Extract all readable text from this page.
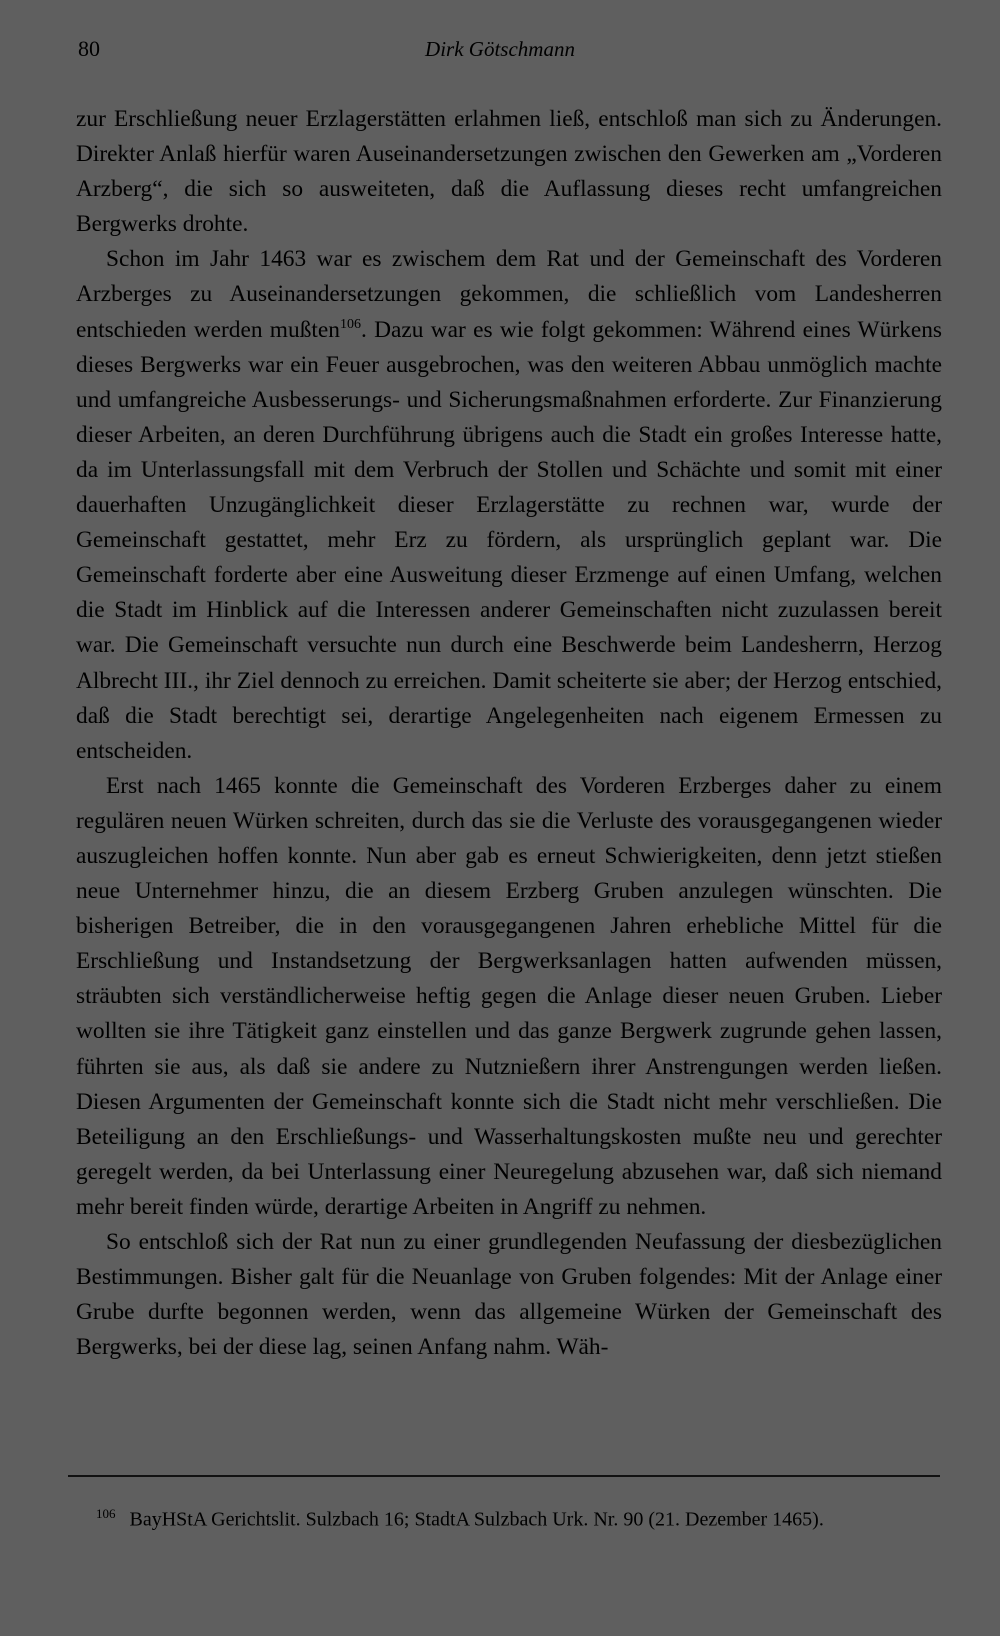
80	Dirk Götschmann

zur Erschließung neuer Erzlagerstätten erlahmen ließ, entschloß man sich zu Änderungen. Direkter Anlaß hierfür waren Auseinandersetzungen zwischen den Gewerken am „Vorderen Arzberg“, die sich so ausweiteten, daß die Auflassung dieses recht umfangreichen Bergwerks drohte.

Schon im Jahr 1463 war es zwischem dem Rat und der Gemeinschaft des Vorderen Arzberges zu Auseinandersetzungen gekommen, die schließlich vom Landesherren entschieden werden mußten$^{106}$. Dazu war es wie folgt gekommen: Während eines Würkens dieses Bergwerks war ein Feuer ausgebrochen, was den weiteren Abbau unmöglich machte und umfangreiche Ausbesserungs- und Sicherungsmaßnahmen erforderte. Zur Finanzierung dieser Arbeiten, an deren Durchführung übrigens auch die Stadt ein großes Interesse hatte, da im Unterlassungsfall mit dem Verbruch der Stollen und Schächte und somit mit einer dauerhaften Unzugänglichkeit dieser Erzlagerstätte zu rechnen war, wurde der Gemeinschaft gestattet, mehr Erz zu fördern, als ursprünglich geplant war. Die Gemeinschaft forderte aber eine Ausweitung dieser Erzmenge auf einen Umfang, welchen die Stadt im Hinblick auf die Interessen anderer Gemeinschaften nicht zuzulassen bereit war. Die Gemeinschaft versuchte nun durch eine Beschwerde beim Landesherrn, Herzog Albrecht III., ihr Ziel dennoch zu erreichen. Damit scheiterte sie aber; der Herzog entschied, daß die Stadt berechtigt sei, derartige Angelegenheiten nach eigenem Ermessen zu entscheiden.

Erst nach 1465 konnte die Gemeinschaft des Vorderen Erzberges daher zu einem regulären neuen Würken schreiten, durch das sie die Verluste des vorausgegangenen wieder auszugleichen hoffen konnte. Nun aber gab es erneut Schwierigkeiten, denn jetzt stießen neue Unternehmer hinzu, die an diesem Erzberg Gruben anzulegen wünschten. Die bisherigen Betreiber, die in den vorausgegangenen Jahren erhebliche Mittel für die Erschließung und Instandsetzung der Bergwerksanlagen hatten aufwenden müssen, sträubten sich verständlicherweise heftig gegen die Anlage dieser neuen Gruben. Lieber wollten sie ihre Tätigkeit ganz einstellen und das ganze Bergwerk zugrunde gehen lassen, führten sie aus, als daß sie andere zu Nutznießern ihrer Anstrengungen werden ließen. Diesen Argumenten der Gemeinschaft konnte sich die Stadt nicht mehr verschließen. Die Beteiligung an den Erschließungs- und Wasserhaltungskosten mußte neu und gerechter geregelt werden, da bei Unterlassung einer Neuregelung abzusehen war, daß sich niemand mehr bereit finden würde, derartige Arbeiten in Angriff zu nehmen.

So entschloß sich der Rat nun zu einer grundlegenden Neufassung der diesbezüglichen Bestimmungen. Bisher galt für die Neuanlage von Gruben folgendes: Mit der Anlage einer Grube durfte begonnen werden, wenn das allgemeine Würken der Gemeinschaft des Bergwerks, bei der diese lag, seinen Anfang nahm. Wäh-

$^{106}$ BayHStA Gerichtslit. Sulzbach 16; StadtA Sulzbach Urk. Nr. 90 (21. Dezember 1465).
